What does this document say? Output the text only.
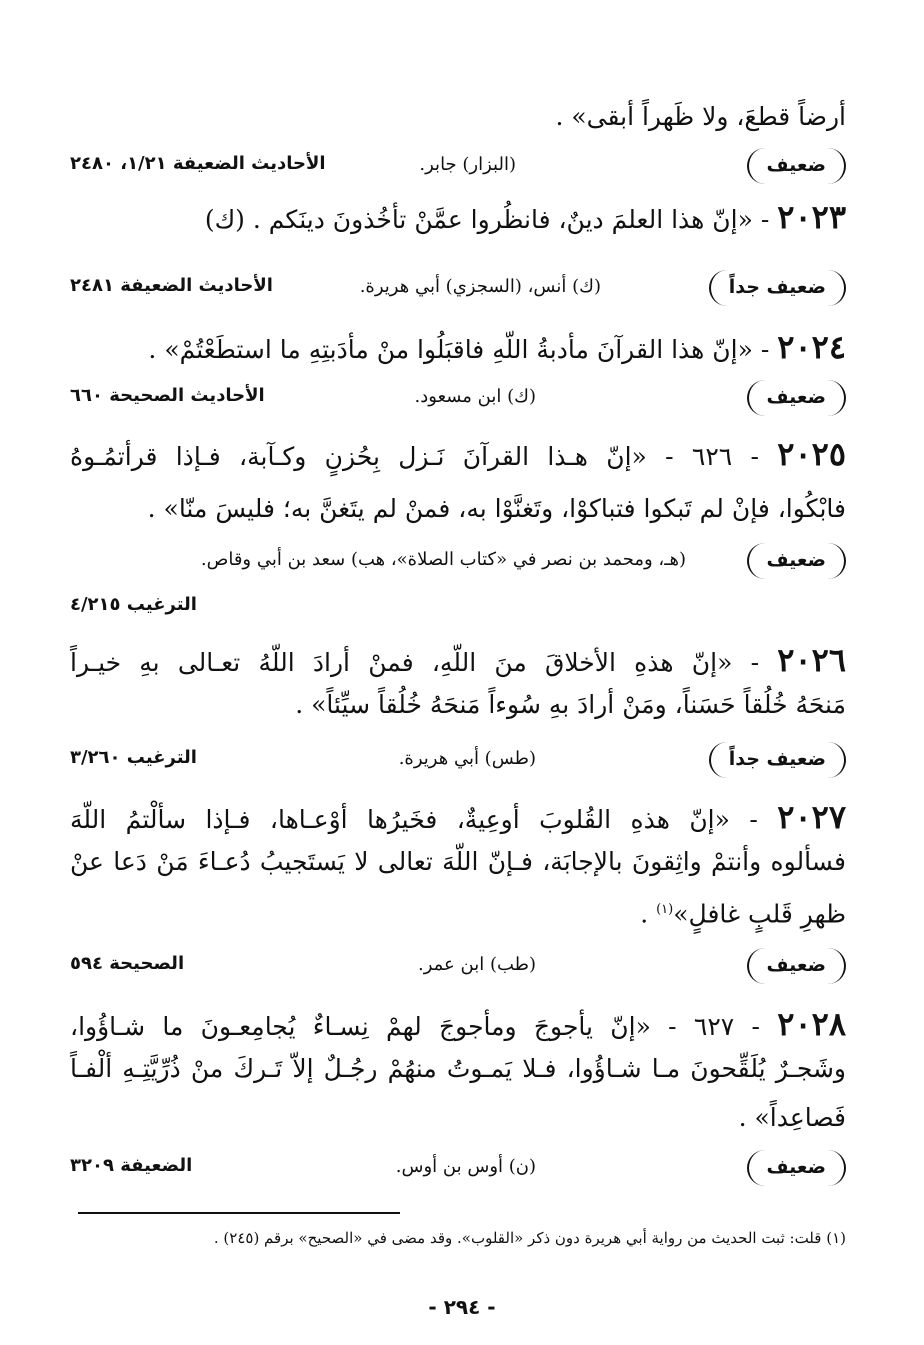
أرضاً قطعَ، ولا ظَهراً أبقى» .
ضعيف
(البزار) جابر.
الأحاديث الضعيفة ١/٢١، ٢٤٨٠
٢٠٢٣ - «إنّ هذا العلمَ دينٌ، فانظُروا عمَّنْ تأخُذونَ دينَكم . (ك)
ضعيف جداً
(ك) أنس، (السجزي) أبي هريرة.
الأحاديث الضعيفة ٢٤٨١
٢٠٢٤ - «إنّ هذا القرآنَ مأدبةُ اللّهِ فاقبَلُوا منْ مأدَبتِهِ ما استطَعْتُمْ» .
ضعيف
(ك) ابن مسعود.
الأحاديث الصحيحة ٦٦٠
٢٠٢٥ - ٦٢٦ - «إنّ هـذا القرآنَ نَـزل بِحُزنٍ وكـآبة، فـإذا قرأتمُـوهُ
فابْكُوا، فإنْ لم تَبكوا فتباكوْا، وتَغنَّوْا به، فمنْ لم يتَغنَّ به؛ فليسَ منّا» .
ضعيف
(هـ، ومحمد بن نصر في «كتاب الصلاة»، هب) سعد بن أبي وقاص.
الترغيب ٤/٢١٥
٢٠٢٦ - «إنّ هذهِ الأخلاقَ منَ اللّهِ، فمنْ أرادَ اللّهُ تعـالى بهِ خيـراً
مَنحَهُ خُلُقاً حَسَناً، ومَنْ أرادَ بهِ سُوءاً مَنحَهُ خُلُقاً سيِّئاً» .
ضعيف جداً
(طس) أبي هريرة.
الترغيب ٣/٢٦٠
٢٠٢٧ - «إنّ هذهِ القُلوبَ أوعِيةٌ، فخَيرُها أوْعـاها، فـإذا سألْتمُ اللّهَ
فسألوه وأنتمْ واثِقونَ بالإجابَة، فـإنّ اللّهَ تعالى لا يَستَجيبُ دُعـاءَ مَنْ دَعا عنْ
ظهرِ قَلبٍ غافلٍ»$^{(١)}$ .
ضعيف
(طب) ابن عمر.
الصحيحة ٥٩٤
٢٠٢٨ - ٦٢٧ - «إنّ يأجوجَ ومأجوجَ لهمْ نِسـاءٌ يُجامِعـونَ ما شـاؤُوا،
وشَجـرٌ يُلَقِّحونَ مـا شـاؤُوا، فـلا يَمـوتُ منهُمْ رجُـلٌ إلاّ تَـركَ منْ ذُرِّيَّتِـهِ ألْفـاً
فَصاعِداً» .
ضعيف
(ن) أوس بن أوس.
الضعيفة ٣٢٠٩
(١) قلت: ثبت الحديث من رواية أبي هريرة دون ذكر «القلوب». وقد مضى في «الصحيح» برقم (٢٤٥) .
- ٢٩٤ -
